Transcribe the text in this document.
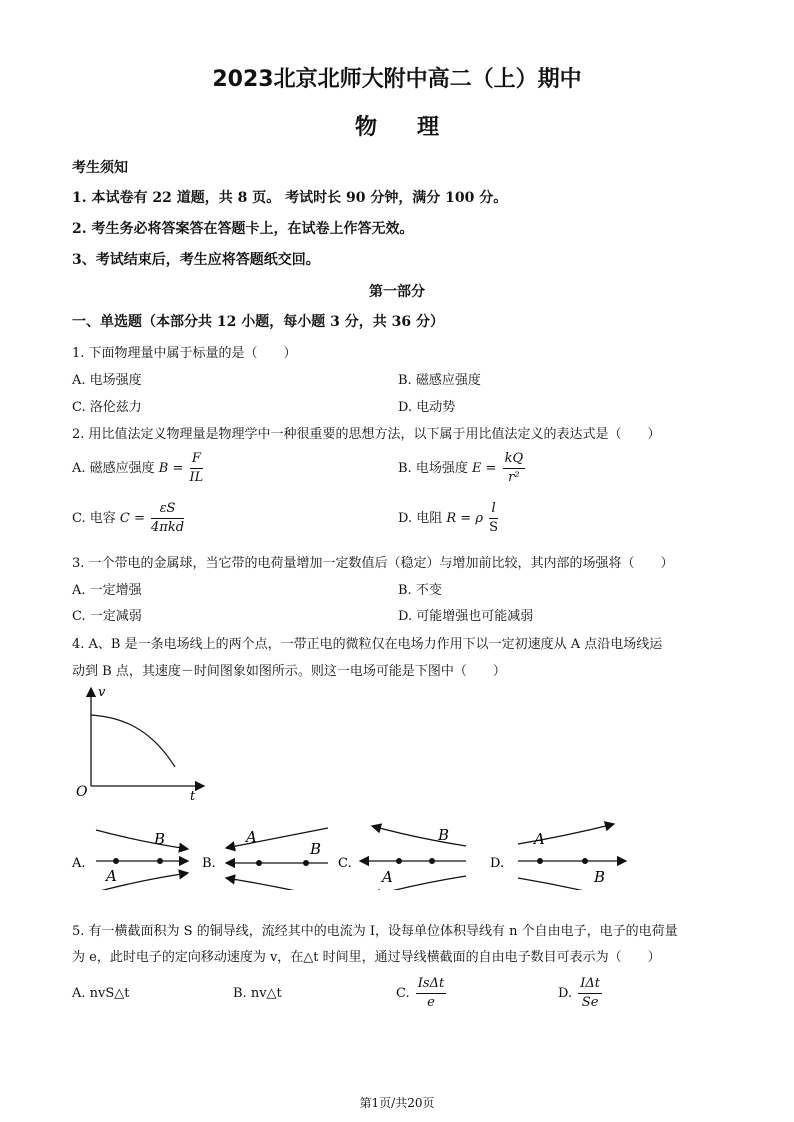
2023北京北师大附中高二（上）期中
物理
考生须知
1. 本试卷有 22 道题，共 8 页。 考试时长 90 分钟，满分 100 分。
2. 考生务必将答案答在答题卡上，在试卷上作答无效。
3、考试结束后，考生应将答题纸交回。
第一部分
一、单选题（本部分共 12 小题，每小题 3 分，共 36 分）
1. 下面物理量中属于标量的是（　　）
A. 电场强度	B. 磁感应强度
C. 洛伦兹力	D. 电动势
2. 用比值法定义物理量是物理学中一种很重要的思想方法，以下属于用比值法定义的表达式是（　　）
A. 磁感应强度 $B = \frac{F}{IL}$	B. 电场强度 $E = \frac{kQ}{\text{r²}}$
C. 电容 $C = \frac{\varepsilon S}{\text{4πkd}}$	D. 电阻 R = ρ $\frac{l}{S}$
3. 一个带电的金属球，当它带的电荷量增加一定数值后（稳定）与增加前比较，其内部的场强将（　　）
A. 一定增强	B. 不变
C. 一定减弱	D. 可能增强也可能减弱
4. A、B 是一条电场线上的两个点，一带正电的微粒仅在电场力作用下以一定初速度从 A 点沿电场线运
动到 B 点，其速度－时间图象如图所示。则这一电场可能是下图中（　　）
v
t
O
A.
B
A
B.
A
B
C.
B
A
D.
A
B
5. 有一横截面积为 S 的铜导线，流经其中的电流为 I，设每单位体积导线有 n 个自由电子，电子的电荷量
为 e，此时电子的定向移动速度为 v，在△t 时间里，通过导线横截面的自由电子数目可表示为（　　）
A. nvS△t	B. nv△t	C. $\frac{\text{IsΔt}}{e}$	D. $\frac{\text{IΔt}}{Se}$
第1页/共20页
